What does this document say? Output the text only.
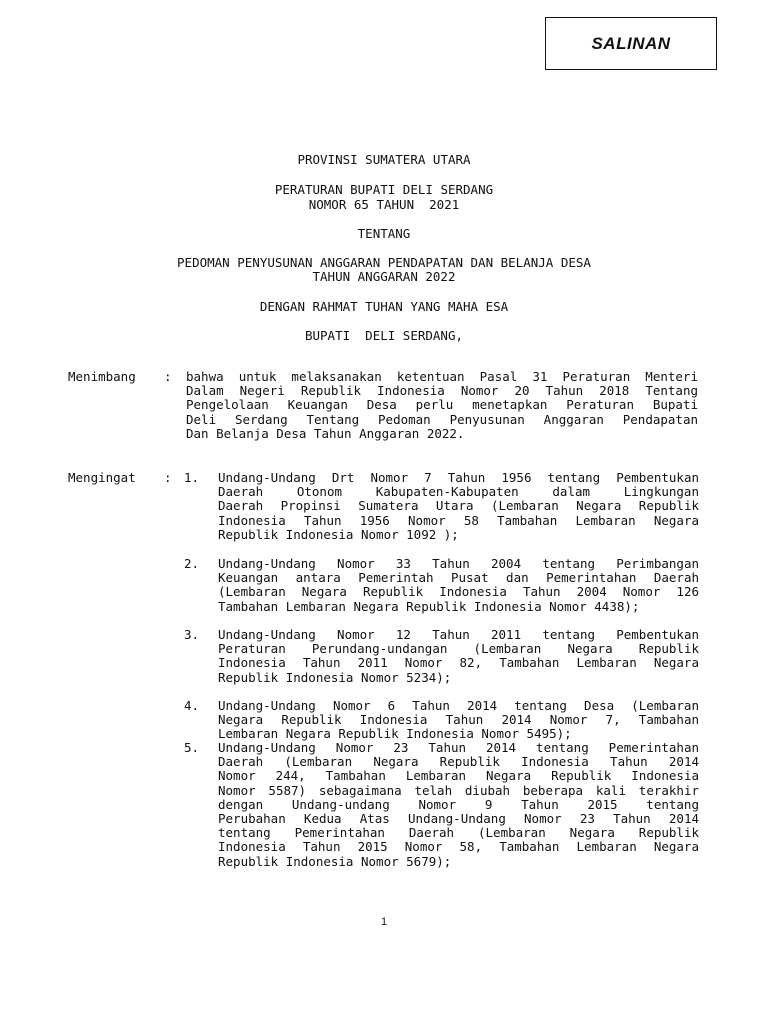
SALINAN
PROVINSI SUMATERA UTARA
PERATURAN BUPATI DELI SERDANG
NOMOR 65 TAHUN  2021
TENTANG
PEDOMAN PENYUSUNAN ANGGARAN PENDAPATAN DAN BELANJA DESA
TAHUN ANGGARAN 2022
DENGAN RAHMAT TUHAN YANG MAHA ESA
BUPATI  DELI SERDANG,
Menimbang : bahwa untuk melaksanakan ketentuan Pasal 31 Peraturan Menteri
Dalam Negeri Republik Indonesia Nomor 20 Tahun 2018 Tentang
Pengelolaan Keuangan Desa perlu menetapkan Peraturan Bupati
Deli Serdang Tentang Pedoman Penyusunan Anggaran Pendapatan
Dan Belanja Desa Tahun Anggaran 2022.
Mengingat : 1. Undang-Undang Drt Nomor 7 Tahun 1956 tentang Pembentukan
Daerah Otonom Kabupaten-Kabupaten dalam Lingkungan
Daerah Propinsi Sumatera Utara (Lembaran Negara Republik
Indonesia Tahun 1956 Nomor 58 Tambahan Lembaran Negara
Republik Indonesia Nomor 1092 );
2. Undang-Undang Nomor 33 Tahun 2004 tentang Perimbangan
Keuangan antara Pemerintah Pusat dan Pemerintahan Daerah
(Lembaran Negara Republik Indonesia Tahun 2004 Nomor 126
Tambahan Lembaran Negara Republik Indonesia Nomor 4438);
3. Undang-Undang Nomor 12 Tahun 2011 tentang Pembentukan
Peraturan Perundang-undangan (Lembaran Negara Republik
Indonesia Tahun 2011 Nomor 82, Tambahan Lembaran Negara
Republik Indonesia Nomor 5234);
4. Undang-Undang Nomor 6 Tahun 2014 tentang Desa (Lembaran
Negara Republik Indonesia Tahun 2014 Nomor 7, Tambahan
Lembaran Negara Republik Indonesia Nomor 5495);
5. Undang-Undang Nomor 23 Tahun 2014 tentang Pemerintahan
Daerah (Lembaran Negara Republik Indonesia Tahun 2014
Nomor 244, Tambahan Lembaran Negara Republik Indonesia
Nomor 5587) sebagaimana telah diubah beberapa kali terakhir
dengan Undang-undang Nomor 9 Tahun 2015 tentang
Perubahan Kedua Atas Undang-Undang Nomor 23 Tahun 2014
tentang Pemerintahan Daerah (Lembaran Negara Republik
Indonesia Tahun 2015 Nomor 58, Tambahan Lembaran Negara
Republik Indonesia Nomor 5679);
1
